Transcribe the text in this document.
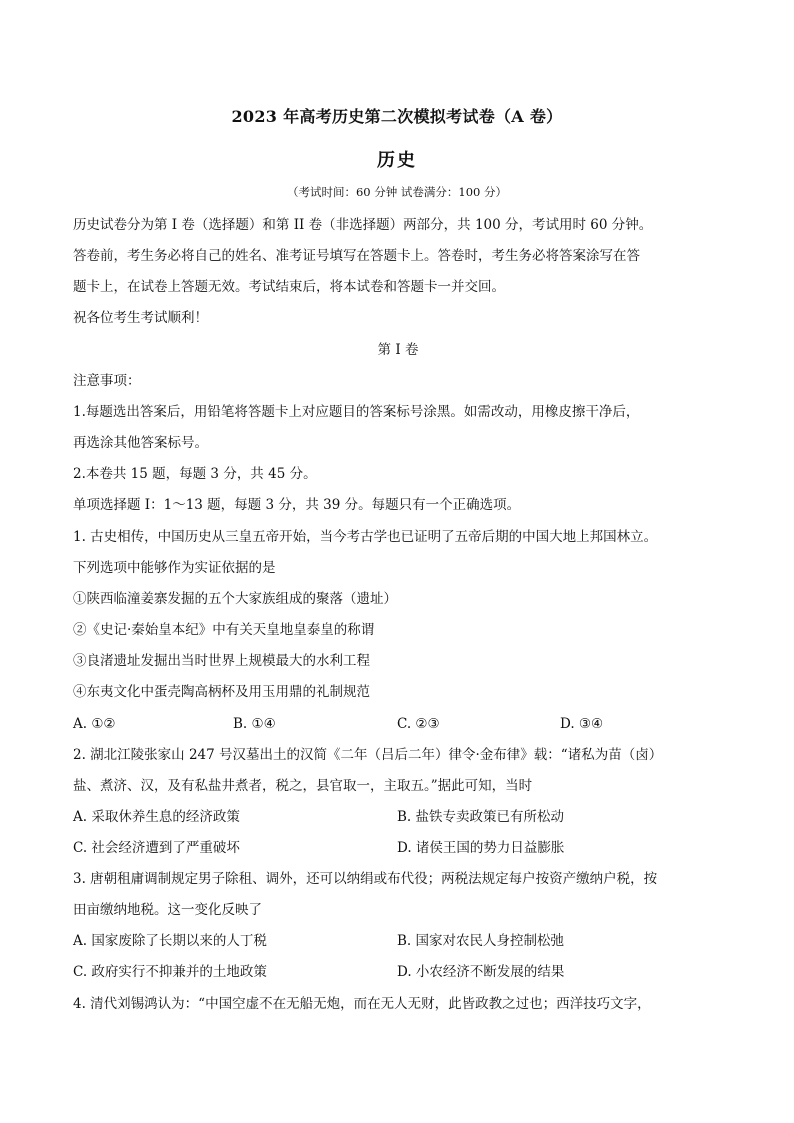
2023 年高考历史第二次模拟考试卷（A 卷）
历史
（考试时间：60 分钟 试卷满分：100 分）
历史试卷分为第 I 卷（选择题）和第 II 卷（非选择题）两部分，共 100 分，考试用时 60 分钟。
答卷前，考生务必将自己的姓名、准考证号填写在答题卡上。答卷时，考生务必将答案涂写在答
题卡上，在试卷上答题无效。考试结束后，将本试卷和答题卡一并交回。
祝各位考生考试顺利！
第 I 卷
注意事项：
1.每题选出答案后，用铅笔将答题卡上对应题目的答案标号涂黑。如需改动，用橡皮擦干净后，
再选涂其他答案标号。
2.本卷共 15 题，每题 3 分，共 45 分。
单项选择题 I：1～13 题，每题 3 分，共 39 分。每题只有一个正确选项。
1. 古史相传，中国历史从三皇五帝开始，当今考古学也已证明了五帝后期的中国大地上邦国林立。
下列选项中能够作为实证依据的是
①陕西临潼姜寨发掘的五个大家族组成的聚落（遗址）
②《史记·秦始皇本纪》中有关天皇地皇泰皇的称谓
③良渚遗址发掘出当时世界上规模最大的水利工程
④东夷文化中蛋壳陶高柄杯及用玉用鼎的礼制规范
A. ①②	B. ①④	C. ②③	D. ③④
2. 湖北江陵张家山 247 号汉墓出土的汉简《二年（吕后二年）律令·金布律》载：“诸私为苗（卤）
盐、煮济、汉，及有私盐井煮者，税之，县官取一，主取五。”据此可知，当时
A. 采取休养生息的经济政策	B. 盐铁专卖政策已有所松动
C. 社会经济遭到了严重破坏	D. 诸侯王国的势力日益膨胀
3. 唐朝租庸调制规定男子除租、调外，还可以纳绢或布代役；两税法规定每户按资产缴纳户税，按
田亩缴纳地税。这一变化反映了
A. 国家废除了长期以来的人丁税	B. 国家对农民人身控制松弛
C. 政府实行不抑兼并的土地政策	D. 小农经济不断发展的结果
4. 清代刘锡鸿认为：“中国空虚不在无船无炮，而在无人无财，此皆政教之过也；西洋技巧文字，
